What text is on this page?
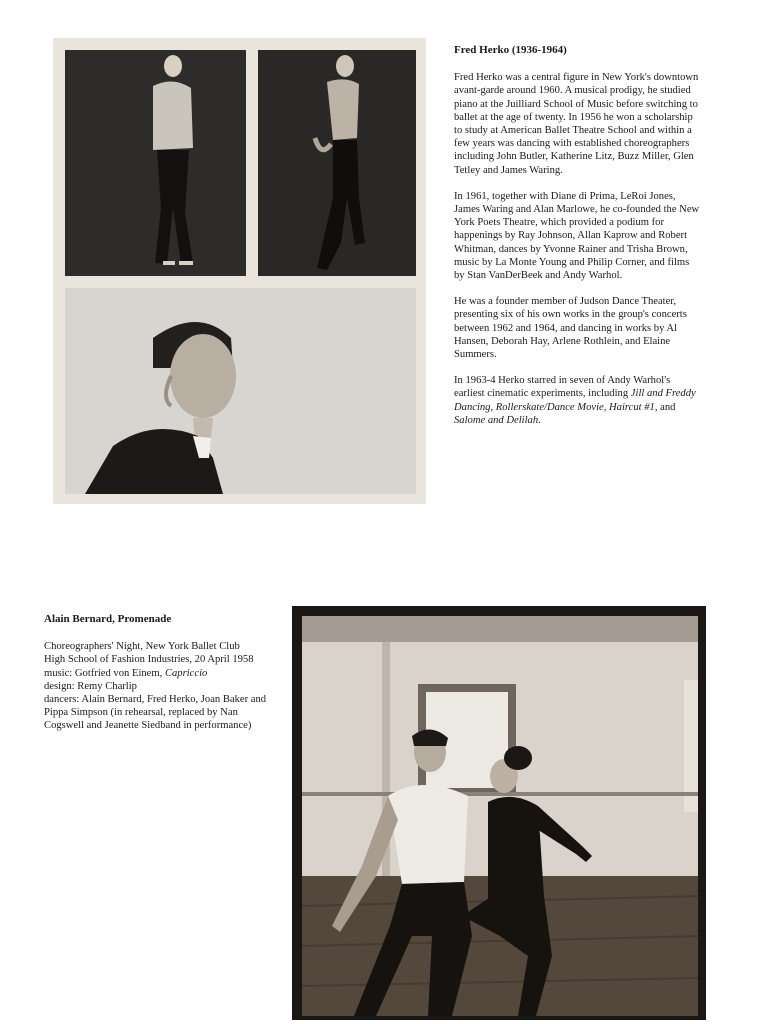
Fred Herko (1936-1964)

Fred Herko was a central figure in New York's downtown avant-garde around 1960. A musical prodigy, he studied piano at the Juilliard School of Music before switching to ballet at the age of twenty. In 1956 he won a scholarship to study at American Ballet Theatre School and within a few years was dancing with established choreographers including John Butler, Katherine Litz, Buzz Miller, Glen Tetley and James Waring.

In 1961, together with Diane di Prima, LeRoi Jones, James Waring and Alan Marlowe, he co-founded the New York Poets Theatre, which provided a podium for happenings by Ray Johnson, Allan Kaprow and Robert Whitman, dances by Yvonne Rainer and Trisha Brown, music by La Monte Young and Philip Corner, and films by Stan VanDerBeek and Andy Warhol.

He was a founder member of Judson Dance Theater, presenting six of his own works in the group's concerts between 1962 and 1964, and dancing in works by Al Hansen, Deborah Hay, Arlene Rothlein, and Elaine Summers.

In 1963-4 Herko starred in seven of Andy Warhol's earliest cinematic experiments, including Jill and Freddy Dancing, Rollerskate/Dance Movie, Haircut #1, and Salome and Delilah.

Alain Bernard, Promenade
Choreographers' Night, New York Ballet Club
High School of Fashion Industries, 20 April 1958
music: Gotfried von Einem, Capriccio
design: Remy Charlip
dancers: Alain Bernard, Fred Herko, Joan Baker and Pippa Simpson (in rehearsal, replaced by Nan Cogswell and Jeanette Siedband in performance)
